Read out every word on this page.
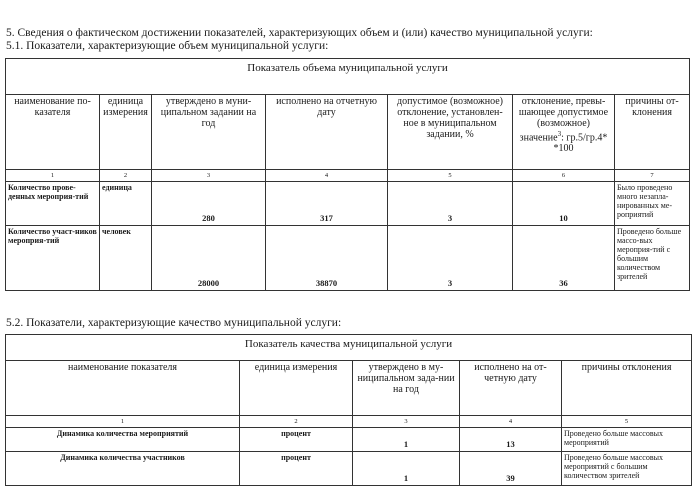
5. Сведения о фактическом достижении показателей, характеризующих объем и (или) качество муниципальной услуги:
5.1. Показатели, характеризующие объем муниципальной услуги:
Показатель объема муниципальной услуги						
наименование по-казателя	единица измерения	утверждено в муни-ципальном задании на год	исполнено на отчетную дату	допустимое (возможное) отклонение, установлен-ное в муниципальном задании, %	отклонение, превы-шающее допустимое (возможное) значение$^3$: гр.5/гр.4* *100	причины от-клонения
1	2	3	4	5	6	7
Количество прове-денных мероприя-тий	единица	280	317	3	10	Было проведено много незапла-нированных ме-роприятий
Количество участ-ников мероприя-тий	человек	28000	38870	3	36	Проведено больше массо-вых мероприя-тий с большим количеством зрителей
5.2. Показатели, характеризующие качество муниципальной услуги:
Показатель качества муниципальной услуги				
наименование показателя	единица измерения	утверждено в му-ниципальном зада-нии на год	исполнено на от-четную дату	причины отклонения
1	2	3	4	5
Динамика количества мероприятий	процент	1	13	Проведено больше массовых мероприятий
Динамика количества участников	процент	1	39	Проведено больше массовых мероприятий с большим количеством зрителей
